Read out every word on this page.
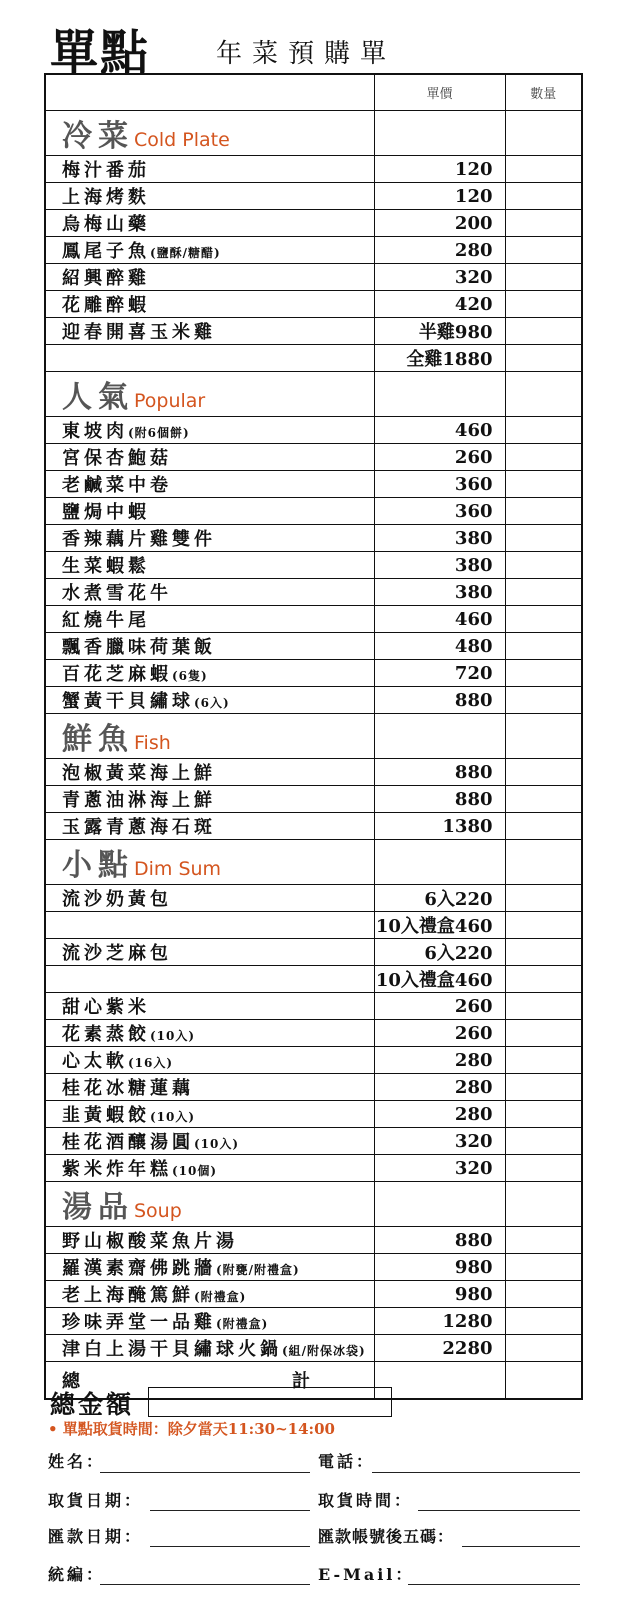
單點	年菜預購單
	單價	數量
冷菜Cold Plate		
梅汁番茄	120	
上海烤麩	120	
烏梅山藥	200	
鳳尾子魚(鹽酥/糖醋)	280	
紹興醉雞	320	
花雕醉蝦	420	
迎春開喜玉米雞	半雞980	
	全雞1880	
人氣Popular		
東坡肉(附6個餅)	460	
宮保杏鮑菇	260	
老鹹菜中卷	360	
鹽焗中蝦	360	
香辣藕片雞雙件	380	
生菜蝦鬆	380	
水煮雪花牛	380	
紅燒牛尾	460	
飄香臘味荷葉飯	480	
百花芝麻蝦(6隻)	720	
蟹黃干貝繡球(6入)	880	
鮮魚Fish		
泡椒黃菜海上鮮	880	
青蔥油淋海上鮮	880	
玉露青蔥海石斑	1380	
小點Dim Sum		
流沙奶黃包	6入220	
	10入禮盒460	
流沙芝麻包	6入220	
	10入禮盒460	
甜心紫米	260	
花素蒸餃(10入)	260	
心太軟(16入)	280	
桂花冰糖蓮藕	280	
韭黃蝦餃(10入)	280	
桂花酒釀湯圓(10入)	320	
紫米炸年糕(10個)	320	
湯品Soup		
野山椒酸菜魚片湯	880	
羅漢素齋佛跳牆(附甕/附禮盒)	980	
老上海醃篤鮮(附禮盒)	980	
珍味弄堂一品雞(附禮盒)	1280	
津白上湯干貝繡球火鍋(組/附保冰袋)	2280	
總 計		
總金額
• 單點取貨時間：除夕當天11:30~14:00
姓名：	電話：
取貨日期：	取貨時間：
匯款日期：	匯款帳號後五碼：
統編：	E-Mail：
